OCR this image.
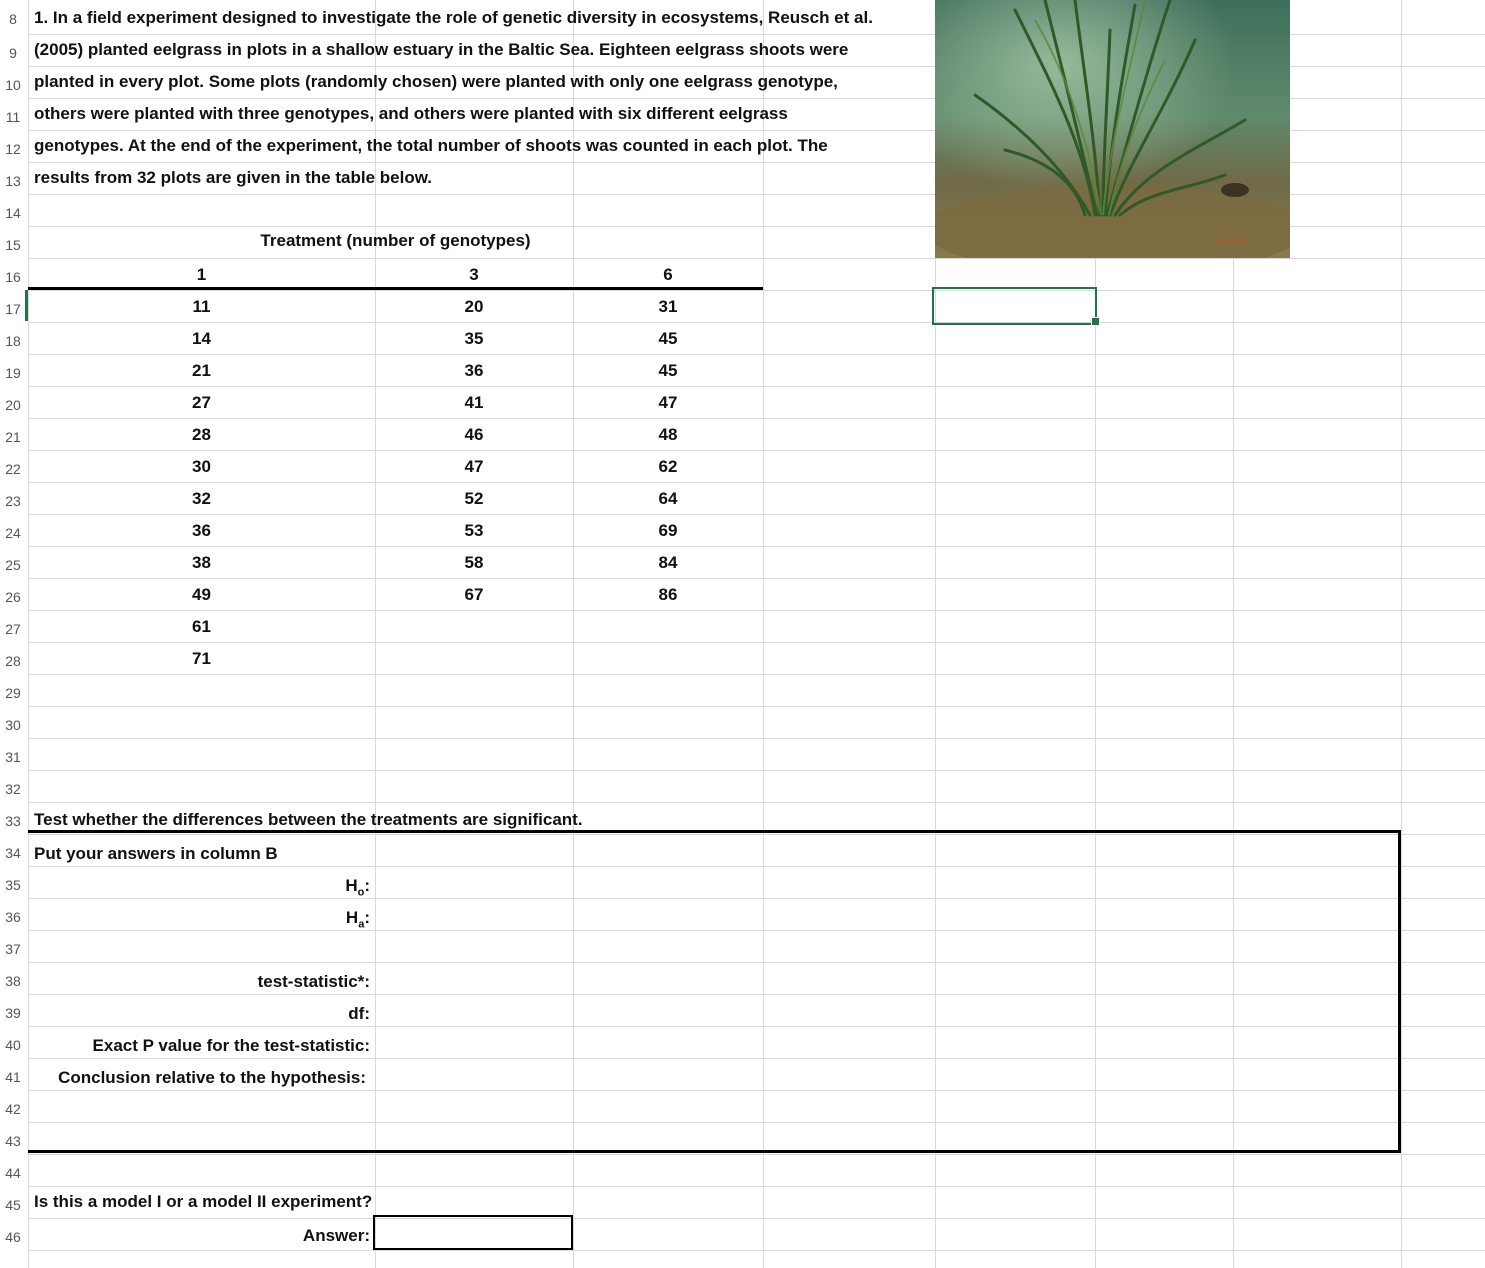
8
9
10
11
12
13
14
15
16
17
18
19
20
21
22
23
24
25
26
27
28
29
30
31
32
33
34
35
36
37
38
39
40
41
42
43
44
45
46
1. In a field experiment designed to investigate the role of genetic diversity in ecosystems, Reusch et al.
(2005) planted eelgrass in plots in a shallow estuary in the Baltic Sea. Eighteen eelgrass shoots were
planted in every plot. Some plots (randomly chosen) were planted with only one eelgrass genotype,
others were planted with three genotypes, and others were planted with six different eelgrass
genotypes. At the end of the experiment, the total number of shoots was counted in each plot. The
results from 32 plots are given in the table below.
8.6.2007
Treatment (number of genotypes)
1	3	6
11
14
21
27
28
30
32
36
38
49
61
71
20
35
36
41
46
47
52
53
58
67
31
45
45
47
48
62
64
69
84
86
Test whether the differences between the treatments are significant.
Put your answers in column B
$H_o$:
$H_a$:
test-statistic*:
df:
Exact P value for the test-statistic:
Conclusion relative to the hypothesis:
Is this a model I or a model II experiment?
Answer:
